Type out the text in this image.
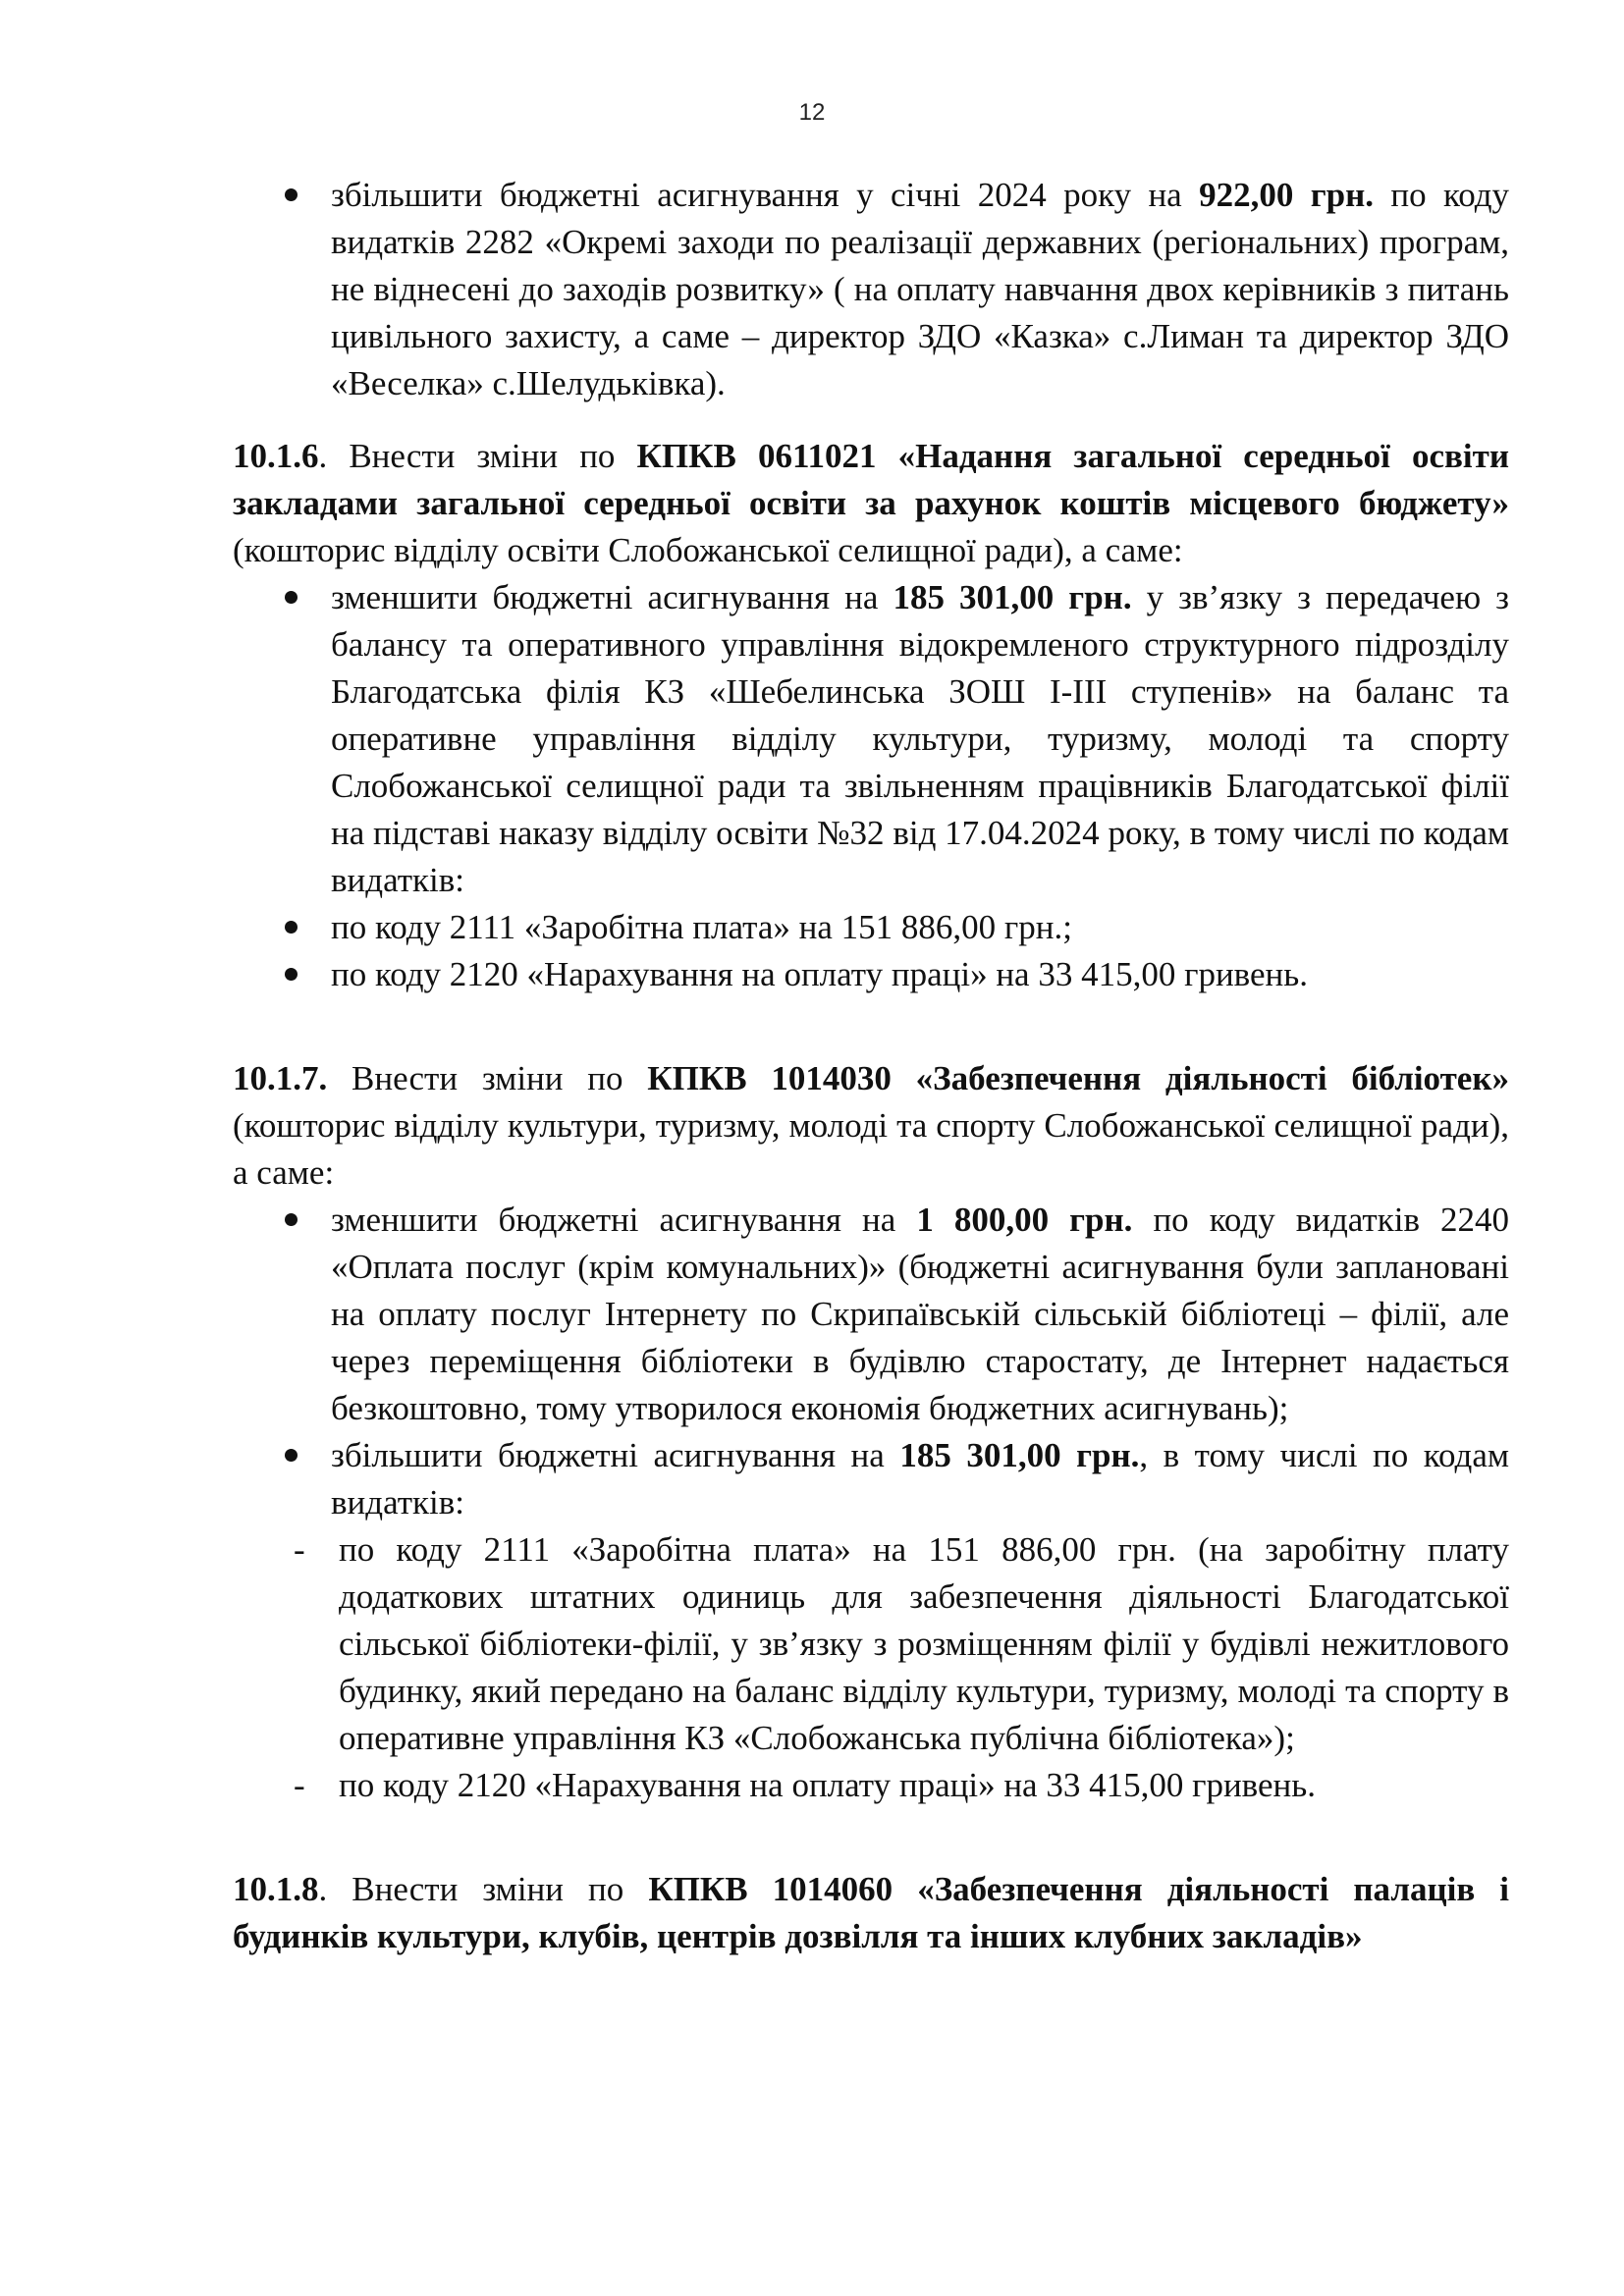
12
збільшити бюджетні асигнування у січні 2024 року на 922,00 грн. по коду видатків 2282 «Окремі заходи по реалізації державних (регіональних) програм, не віднесені до заходів розвитку» ( на оплату навчання двох керівників з питань цивільного захисту, а саме – директор ЗДО «Казка» с.Лиман та директор ЗДО «Веселка» с.Шелудьківка).

10.1.6. Внести зміни по КПКВ 0611021 «Надання загальної середньої освіти закладами загальної середньої освіти за рахунок коштів місцевого бюджету» (кошторис відділу освіти Слобожанської селищної ради), а саме:

зменшити бюджетні асигнування на 185 301,00 грн. у зв’язку з передачею з балансу та оперативного управління відокремленого структурного підрозділу Благодатська філія КЗ «Шебелинська ЗОШ І-ІІІ ступенів» на баланс та оперативне управління відділу культури, туризму, молоді та спорту Слобожанської селищної ради та звільненням працівників Благодатської філії на підставі наказу відділу освіти №32 від 17.04.2024 року, в тому числі по кодам видатків:
по коду 2111 «Заробітна плата» на 151 886,00 грн.;
по коду 2120 «Нарахування на оплату праці» на 33 415,00 гривень.

10.1.7. Внести зміни по КПКВ 1014030 «Забезпечення діяльності бібліотек» (кошторис відділу культури, туризму, молоді та спорту Слобожанської селищної ради), а саме:

зменшити бюджетні асигнування на 1 800,00 грн. по коду видатків 2240 «Оплата послуг (крім комунальних)» (бюджетні асигнування були заплановані на оплату послуг Інтернету по Скрипаївській сільській бібліотеці – філії, але через переміщення бібліотеки в будівлю старостату, де Інтернет надається безкоштовно, тому утворилося економія бюджетних асигнувань);
збільшити бюджетні асигнування на 185 301,00 грн., в тому числі по кодам видатків:
- по коду 2111 «Заробітна плата» на 151 886,00 грн. (на заробітну плату додаткових штатних одиниць для забезпечення діяльності Благодатської сільської бібліотеки-філії, у зв’язку з розміщенням філії у будівлі нежитлового будинку, який передано на баланс відділу культури, туризму, молоді та спорту в оперативне управління КЗ «Слобожанська публічна бібліотека»);
- по коду 2120 «Нарахування на оплату праці» на 33 415,00 гривень.

10.1.8. Внести зміни по КПКВ 1014060 «Забезпечення діяльності палаців і будинків культури, клубів, центрів дозвілля та інших клубних закладів»
